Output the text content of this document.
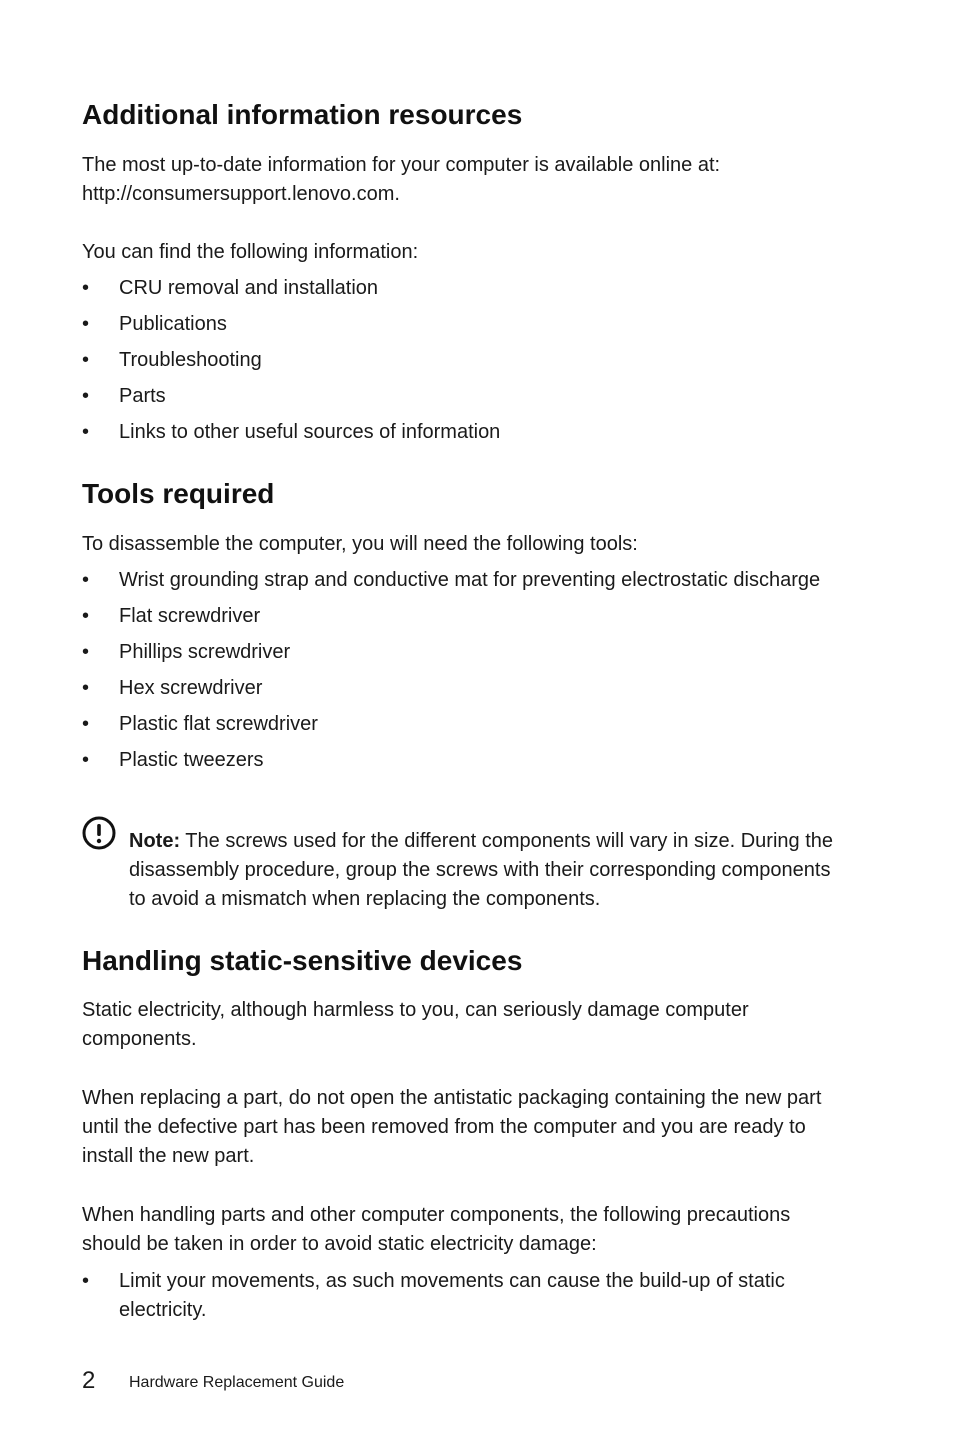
Additional information resources

The most up-to-date information for your computer is available online at:
http://consumersupport.lenovo.com.

You can find the following information:

• CRU removal and installation
• Publications
• Troubleshooting
• Parts
• Links to other useful sources of information
Tools required

To disassemble the computer, you will need the following tools:

• Wrist grounding strap and conductive mat for preventing electrostatic discharge
• Flat screwdriver
• Phillips screwdriver
• Hex screwdriver
• Plastic flat screwdriver
• Plastic tweezers
Note: The screws used for the different components will vary in size. During the disassembly procedure, group the screws with their corresponding components to avoid a mismatch when replacing the components.
Handling static-sensitive devices

Static electricity, although harmless to you, can seriously damage computer components.

When replacing a part, do not open the antistatic packaging containing the new part until the defective part has been removed from the computer and you are ready to install the new part.

When handling parts and other computer components, the following precautions should be taken in order to avoid static electricity damage:

• Limit your movements, as such movements can cause the build-up of static electricity.
2 Hardware Replacement Guide
